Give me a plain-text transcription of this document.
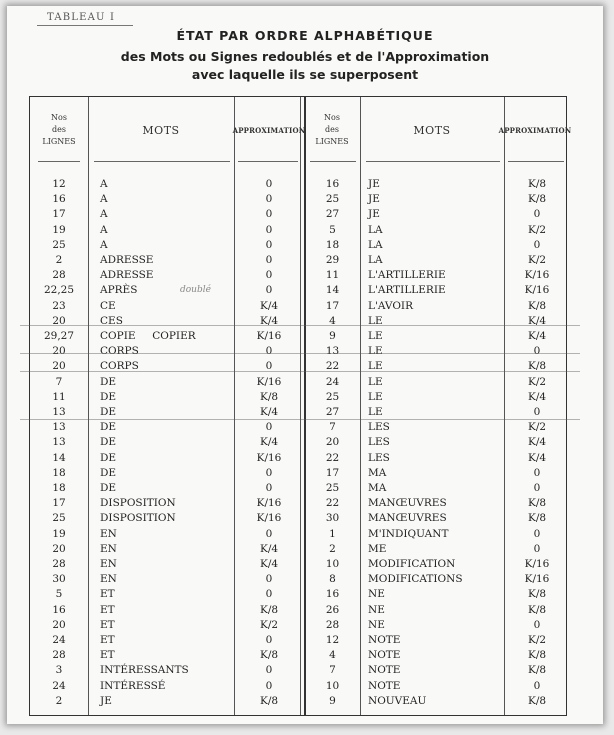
TABLEAU I
ÉTAT PAR ORDRE ALPHABÉTIQUE
des Mots ou Signes redoublés et de l'Approximation
avec laquelle ils se superposent
Nos
des
LIGNES
MOTS	APPROXIMATION
Nos
des
LIGNES
MOTS	APPROXIMATION
12	A	0	16	JE	K/8
16	A	0	25	JE	K/8
17	A	0	27	JE	0
19	A	0	5	LA	K/2
25	A	0	18	LA	0
2	ADRESSE	0	29	LA	K/2
28	ADRESSE	0	11	L'ARTILLERIE	K/16
22,25	APRÈS	0	14	L'ARTILLERIE	K/16
doublé
23	CE	K/4	17	L'AVOIR	K/8
20	CES	K/4	4	LE	K/4
29,27	COPIE     COPIER	K/16	9	LE	K/4
20	CORPS	0	13	LE	0
20	CORPS	0	22	LE	K/8
7	DE	K/16	24	LE	K/2
11	DE	K/8	25	LE	K/4
13	DE	K/4	27	LE	0
13	DE	0	7	LES	K/2
13	DE	K/4	20	LES	K/4
14	DE	K/16	22	LES	K/4
18	DE	0	17	MA	0
18	DE	0	25	MA	0
17	DISPOSITION	K/16	22	MANŒUVRES	K/8
25	DISPOSITION	K/16	30	MANŒUVRES	K/8
19	EN	0	1	M'INDIQUANT	0
20	EN	K/4	2	ME	0
28	EN	K/4	10	MODIFICATION	K/16
30	EN	0	8	MODIFICATIONS	K/16
5	ET	0	16	NE	K/8
16	ET	K/8	26	NE	K/8
20	ET	K/2	28	NE	0
24	ET	0	12	NOTE	K/2
28	ET	K/8	4	NOTE	K/8
3	INTÉRESSANTS	0	7	NOTE	K/8
24	INTÉRESSÉ	0	10	NOTE	0
2	JE	K/8	9	NOUVEAU	K/8
